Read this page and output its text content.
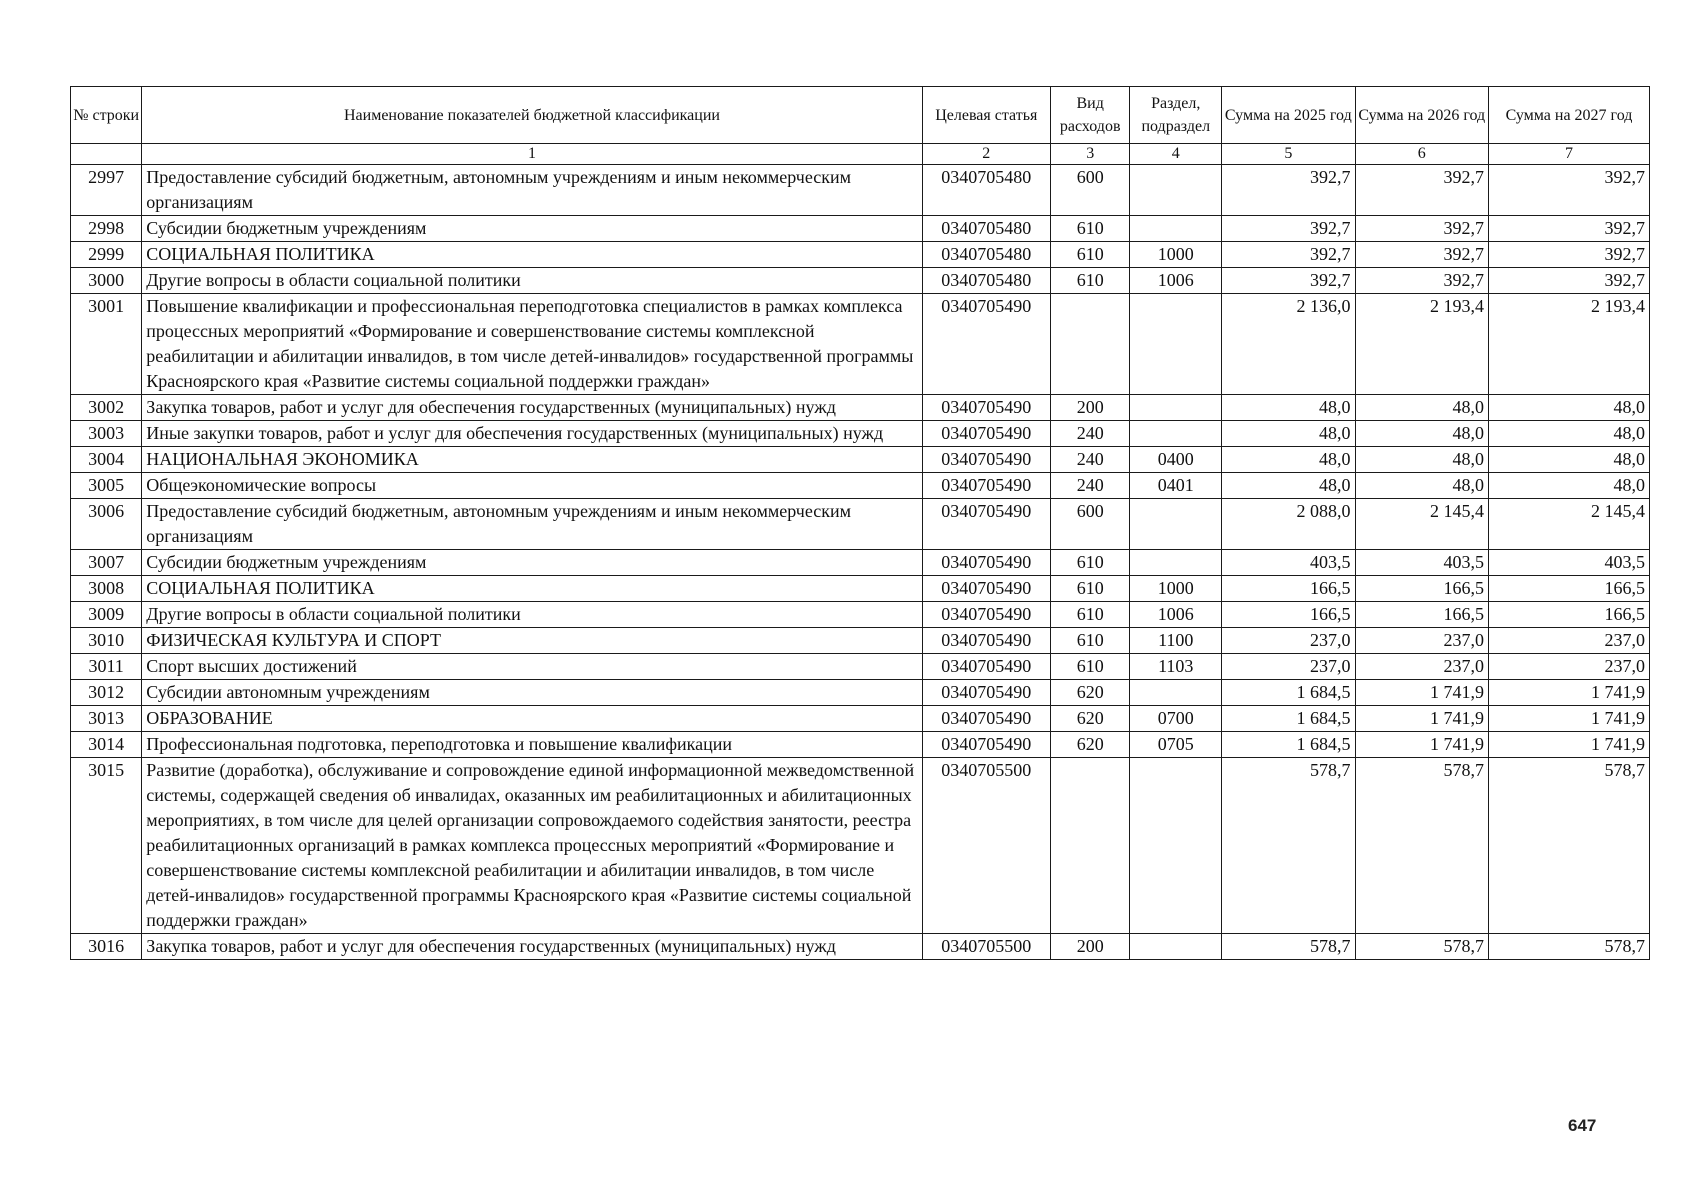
№ строки	Наименование показателей бюджетной классификации	Целевая статья	Вид расходов	Раздел, подраздел	Сумма на 2025 год	Сумма на 2026 год	Сумма на 2027 год
	1	2	3	4	5	6	7
2997	Предоставление субсидий бюджетным, автономным учреждениям и иным некоммерческим организациям	0340705480	600		392,7	392,7	392,7
2998	Субсидии бюджетным учреждениям	0340705480	610		392,7	392,7	392,7
2999	СОЦИАЛЬНАЯ ПОЛИТИКА	0340705480	610	1000	392,7	392,7	392,7
3000	Другие вопросы в области социальной политики	0340705480	610	1006	392,7	392,7	392,7
3001	Повышение квалификации и профессиональная переподготовка специалистов в рамках комплекса процессных мероприятий «Формирование и совершенствование системы комплексной реабилитации и абилитации инвалидов, в том числе детей-инвалидов» государственной программы Красноярского края «Развитие системы социальной поддержки граждан»	0340705490			2 136,0	2 193,4	2 193,4
3002	Закупка товаров, работ и услуг для обеспечения государственных (муниципальных) нужд	0340705490	200		48,0	48,0	48,0
3003	Иные закупки товаров, работ и услуг для обеспечения государственных (муниципальных) нужд	0340705490	240		48,0	48,0	48,0
3004	НАЦИОНАЛЬНАЯ ЭКОНОМИКА	0340705490	240	0400	48,0	48,0	48,0
3005	Общеэкономические вопросы	0340705490	240	0401	48,0	48,0	48,0
3006	Предоставление субсидий бюджетным, автономным учреждениям и иным некоммерческим организациям	0340705490	600		2 088,0	2 145,4	2 145,4
3007	Субсидии бюджетным учреждениям	0340705490	610		403,5	403,5	403,5
3008	СОЦИАЛЬНАЯ ПОЛИТИКА	0340705490	610	1000	166,5	166,5	166,5
3009	Другие вопросы в области социальной политики	0340705490	610	1006	166,5	166,5	166,5
3010	ФИЗИЧЕСКАЯ КУЛЬТУРА И СПОРТ	0340705490	610	1100	237,0	237,0	237,0
3011	Спорт высших достижений	0340705490	610	1103	237,0	237,0	237,0
3012	Субсидии автономным учреждениям	0340705490	620		1 684,5	1 741,9	1 741,9
3013	ОБРАЗОВАНИЕ	0340705490	620	0700	1 684,5	1 741,9	1 741,9
3014	Профессиональная подготовка, переподготовка и повышение квалификации	0340705490	620	0705	1 684,5	1 741,9	1 741,9
3015	Развитие (доработка), обслуживание и сопровождение единой информационной межведомственной системы, содержащей сведения об инвалидах, оказанных им реабилитационных и абилитационных мероприятиях, в том числе для целей организации сопровождаемого содействия занятости, реестра реабилитационных организаций в рамках комплекса процессных мероприятий «Формирование и совершенствование системы комплексной реабилитации и абилитации инвалидов, в том числе детей-инвалидов» государственной программы Красноярского края «Развитие системы социальной поддержки граждан»	0340705500			578,7	578,7	578,7
3016	Закупка товаров, работ и услуг для обеспечения государственных (муниципальных) нужд	0340705500	200		578,7	578,7	578,7
647
